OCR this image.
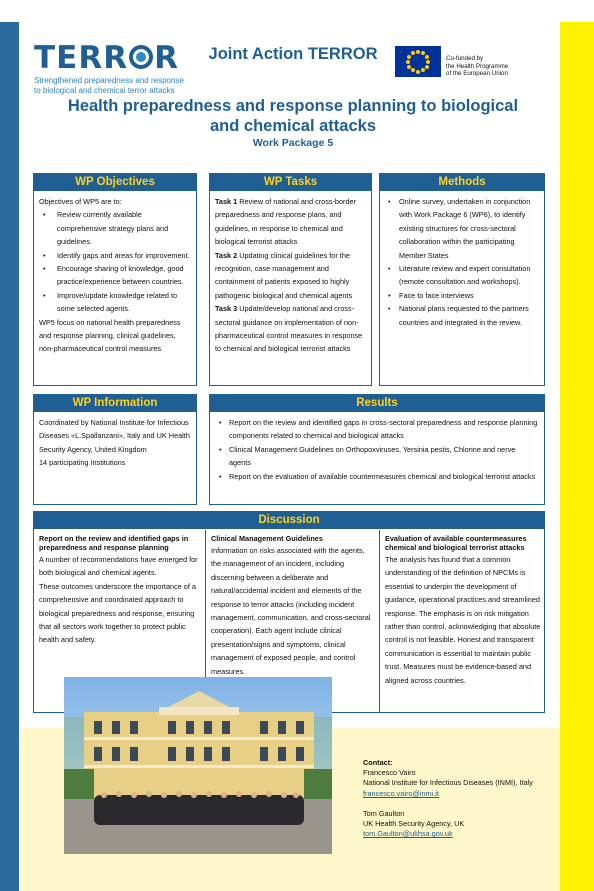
TERR R
Strengthened preparedness and response
to biological and chemical terror attacks
Joint Action TERROR	Co-funded by
the Health Programme
of the European Union
Health preparedness and response planning to biological
and chemical attacks
Work Package 5
WP Objectives

Objectives of WP5 are to:

• Review currently available comprehensive strategy plans and guidelines.
• Identify gaps and areas for improvement.
• Encourage sharing of knowledge, good practice/experience between countries.
• Improve/update knowledge related to some selected agents.

WP5 focus on national health preparedness and response planning, clinical guidelines, non-pharmaceutical control measures

WP Tasks

Task 1 Review of national and cross-border preparedness and response plans, and guidelines, in response to chemical and biological terrorist attacks

Task 2 Updating clinical guidelines for the recognition, case management and containment of patients exposed to highly pathogenic biological and chemical agents

Task 3 Update/develop national and cross-sectoral guidance on implementation of non-pharmaceutical control measures in response to chemical and biological terrorist attacks

Methods
• Online survey, undertaken in conjunction with Work Package 6 (WP6), to identify existing structures for cross-sectoral collaboration within the participating Member States
• Literature review and expert consultation (remote consultation and workshops).
• Face to face interviews
• National plans requested to the partners countries and integrated in the review.
WP Information

Coordinated by National Institute for Infectious Diseases «L.Spallanzani», Italy and UK Health Security Agency, United Kingdom

14 participating Institutions

Results
• Report on the review and identified gaps in cross-sectoral preparedness and response planning components related to chemical and biological attacks
• Clinical Management Guidelines on Orthopoxviruses, Yersinia pestis, Chlorine and nerve agents
• Report on the evaluation of available countermeasures chemical and biological terrorist attacks
Discussion
Report on the review and identified gaps in preparedness and response planning

A number of recommendations have emerged for both biological and chemical agents.

These outcomes underscore the importance of a comprehensive and coordinated approach to biological preparedness and response, ensuring that all sectors work together to protect public health and safety.

Clinical Management Guidelines

Information on risks associated with the agents, the management of an incident, including discerning between a deliberate and natural/accidental incident and elements of the response to terror attacks (including incident management, communication, and cross-sectoral cooperation). Each agent include clinical presentation/signs and symptoms, clinical management of exposed people, and control measures.

Evaluation of available countermeasures chemical and biological terrorist attacks

The analysis has found that a common understanding of the definition of NPCMs is essential to underpin the development of guidance, operational practices and streamlined response. The emphasis is on risk mitigation rather than control, acknowledging that absolute control is not feasible. Honest and transparent communication is essential to maintain public trust. Measures must be evidence-based and aligned across countries.

Contact:
Francesco Vairo
National Institute for Infectious Diseases (INMI), Italy
francesco.vairo@inmi.it
Tom Gaulton
UK Health Security Agency, UK
tom.Gaulton@ukhsa.gov.uk
